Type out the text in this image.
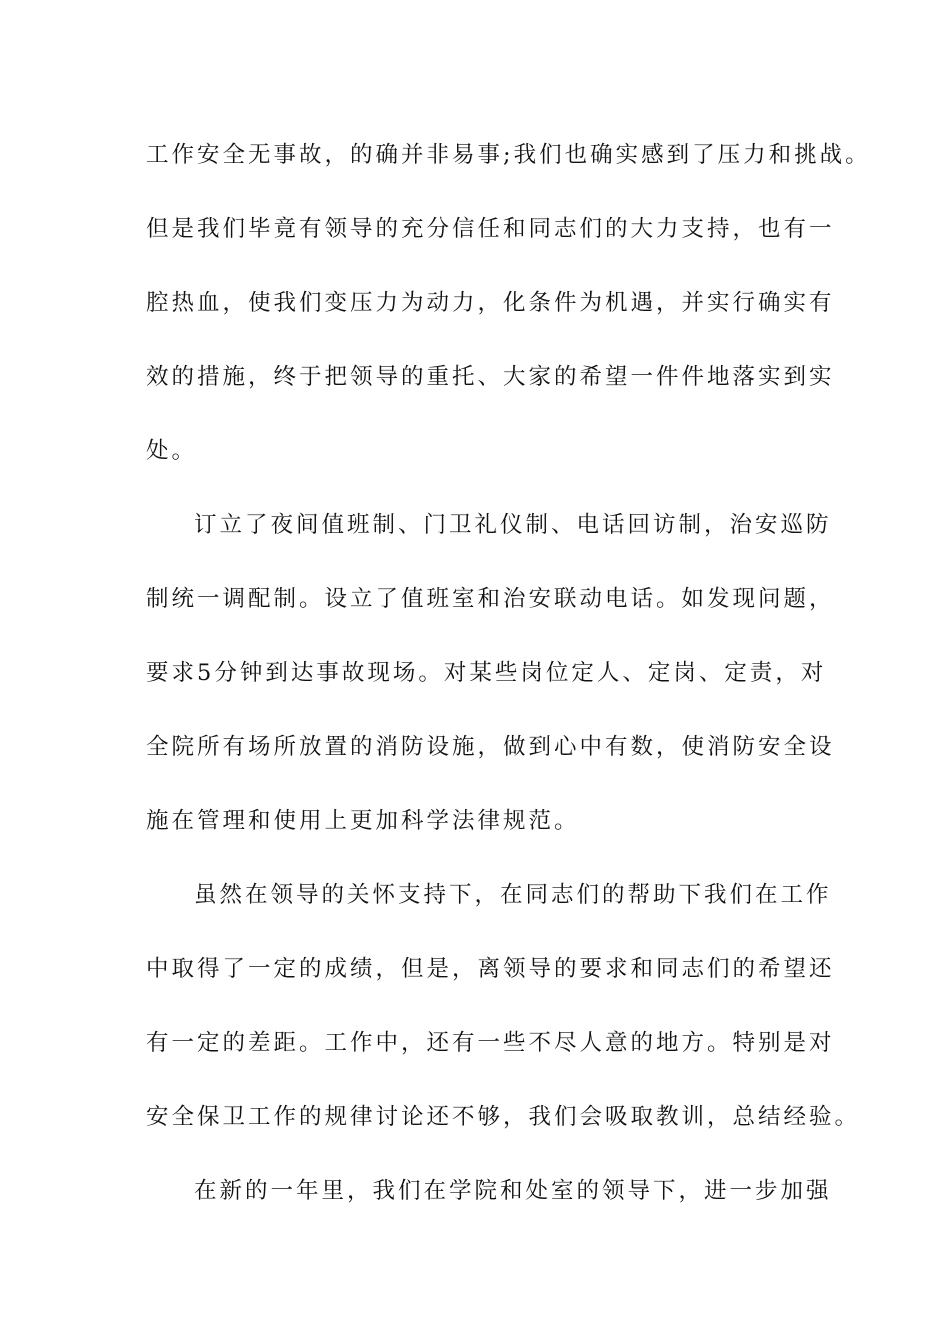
工作安全无事故，的确并非易事;我们也确实感到了压力和挑战。
但是我们毕竟有领导的充分信任和同志们的大力支持，也有一
腔热血，使我们变压力为动力，化条件为机遇，并实行确实有
效的措施，终于把领导的重托、大家的希望一件件地落实到实
处。
订立了夜间值班制、门卫礼仪制、电话回访制，治安巡防
制统一调配制。设立了值班室和治安联动电话。如发现问题，
要求5分钟到达事故现场。对某些岗位定人、定岗、定责，对
全院所有场所放置的消防设施，做到心中有数，使消防安全设
施在管理和使用上更加科学法律规范。
虽然在领导的关怀支持下，在同志们的帮助下我们在工作
中取得了一定的成绩，但是，离领导的要求和同志们的希望还
有一定的差距。工作中，还有一些不尽人意的地方。特别是对
安全保卫工作的规律讨论还不够，我们会吸取教训，总结经验。
在新的一年里，我们在学院和处室的领导下，进一步加强
